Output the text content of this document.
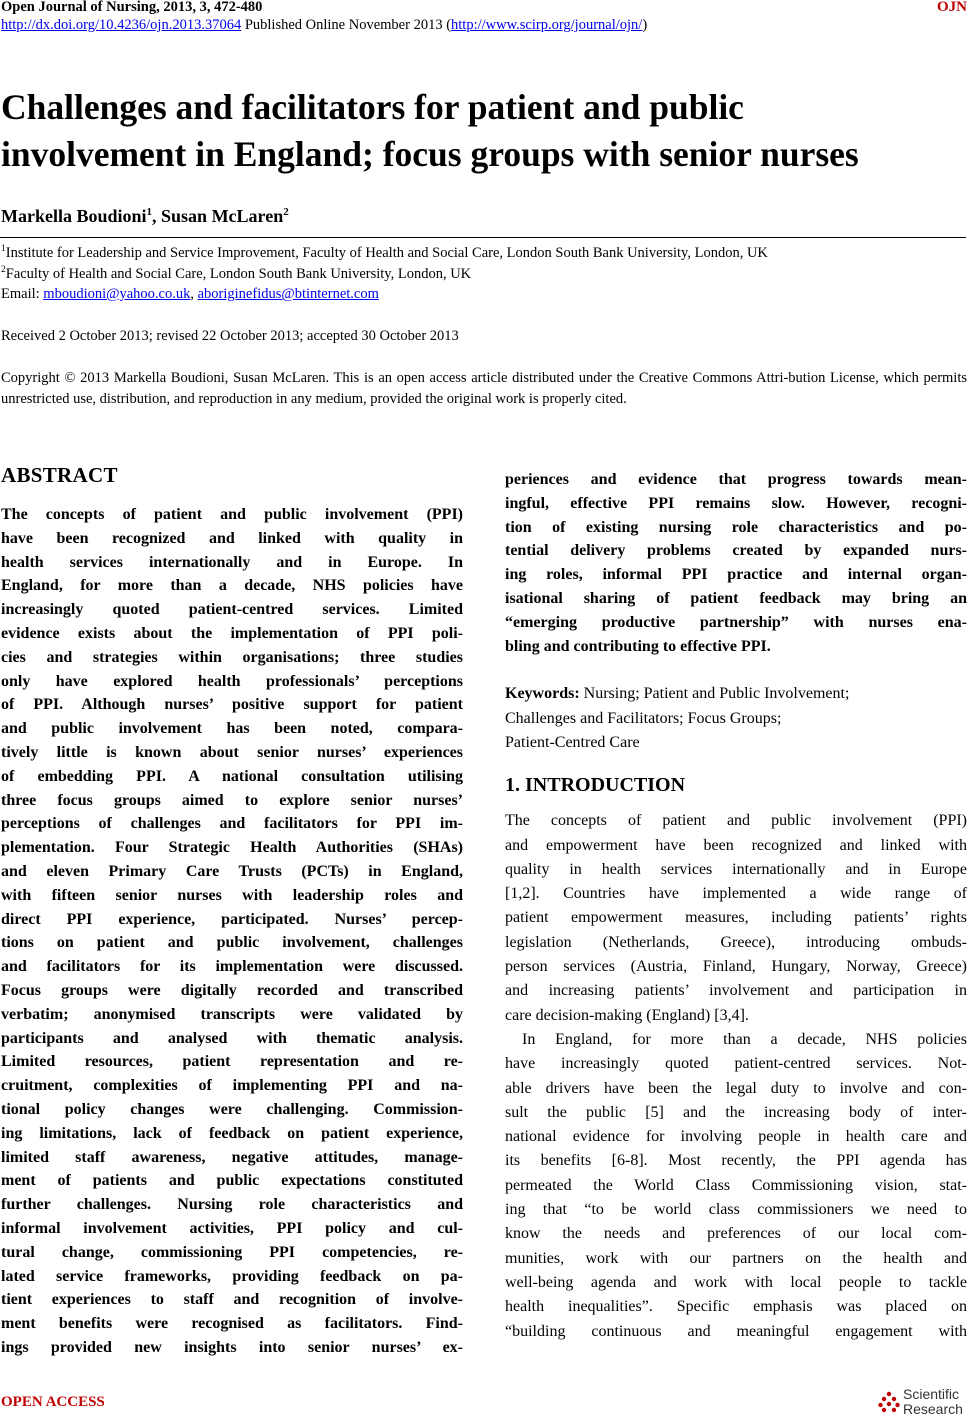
Open Journal of Nursing, 2013, 3, 472-480	OJN
http://dx.doi.org/10.4236/ojn.2013.37064 Published Online November 2013 (http://www.scirp.org/journal/ojn/)
Challenges and facilitators for patient and public
involvement in England; focus groups with senior nurses
Markella Boudioni$^1$, Susan McLaren$^2$
$^1$Institute for Leadership and Service Improvement, Faculty of Health and Social Care, London South Bank University, London, UK
$^2$Faculty of Health and Social Care, London South Bank University, London, UK
Email: mboudioni@yahoo.co.uk, aboriginefidus@btinternet.com
Received 2 October 2013; revised 22 October 2013; accepted 30 October 2013
Copyright © 2013 Markella Boudioni, Susan McLaren. This is an open access article distributed under the Creative Commons Attri-bution License, which permits unrestricted use, distribution, and reproduction in any medium, provided the original work is properly cited.
ABSTRACT
The concepts of patient and public involvement (PPI)
have been recognized and linked with quality in
health services internationally and in Europe. In
England, for more than a decade, NHS policies have
increasingly quoted patient-centred services. Limited
evidence exists about the implementation of PPI poli-
cies and strategies within organisations; three studies
only have explored health professionals’ perceptions
of PPI. Although nurses’ positive support for patient
and public involvement has been noted, compara-
tively little is known about senior nurses’ experiences
of embedding PPI. A national consultation utilising
three focus groups aimed to explore senior nurses’
perceptions of challenges and facilitators for PPI im-
plementation. Four Strategic Health Authorities (SHAs)
and eleven Primary Care Trusts (PCTs) in England,
with fifteen senior nurses with leadership roles and
direct PPI experience, participated. Nurses’ percep-
tions on patient and public involvement, challenges
and facilitators for its implementation were discussed.
Focus groups were digitally recorded and transcribed
verbatim; anonymised transcripts were validated by
participants and analysed with thematic analysis.
Limited resources, patient representation and re-
cruitment, complexities of implementing PPI and na-
tional policy changes were challenging. Commission-
ing limitations, lack of feedback on patient experience,
limited staff awareness, negative attitudes, manage-
ment of patients and public expectations constituted
further challenges. Nursing role characteristics and
informal involvement activities, PPI policy and cul-
tural change, commissioning PPI competencies, re-
lated service frameworks, providing feedback on pa-
tient experiences to staff and recognition of involve-
ment benefits were recognised as facilitators. Find-
ings provided new insights into senior nurses’ ex-
periences and evidence that progress towards mean-
ingful, effective PPI remains slow. However, recogni-
tion of existing nursing role characteristics and po-
tential delivery problems created by expanded nurs-
ing roles, informal PPI practice and internal organ-
isational sharing of patient feedback may bring an
“emerging productive partnership” with nurses ena-
bling and contributing to effective PPI.
Keywords: Nursing; Patient and Public Involvement;
Challenges and Facilitators; Focus Groups;
Patient-Centred Care
1. INTRODUCTION
The concepts of patient and public involvement (PPI)
and empowerment have been recognized and linked with
quality in health services internationally and in Europe
[1,2]. Countries have implemented a wide range of
patient empowerment measures, including patients’ rights
legislation (Netherlands, Greece), introducing ombuds-
person services (Austria, Finland, Hungary, Norway, Greece)
and increasing patients’ involvement and participation in
care decision-making (England) [3,4].
In England, for more than a decade, NHS policies
have increasingly quoted patient-centred services. Not-
able drivers have been the legal duty to involve and con-
sult the public [5] and the increasing body of inter-
national evidence for involving people in health care and
its benefits [6-8]. Most recently, the PPI agenda has
permeated the World Class Commissioning vision, stat-
ing that “to be world class commissioners we need to
know the needs and preferences of our local com-
munities, work with our partners on the health and
well-being agenda and work with local people to tackle
health inequalities”. Specific emphasis was placed on
“building continuous and meaningful engagement with
OPEN ACCESS	Scientific
Research
